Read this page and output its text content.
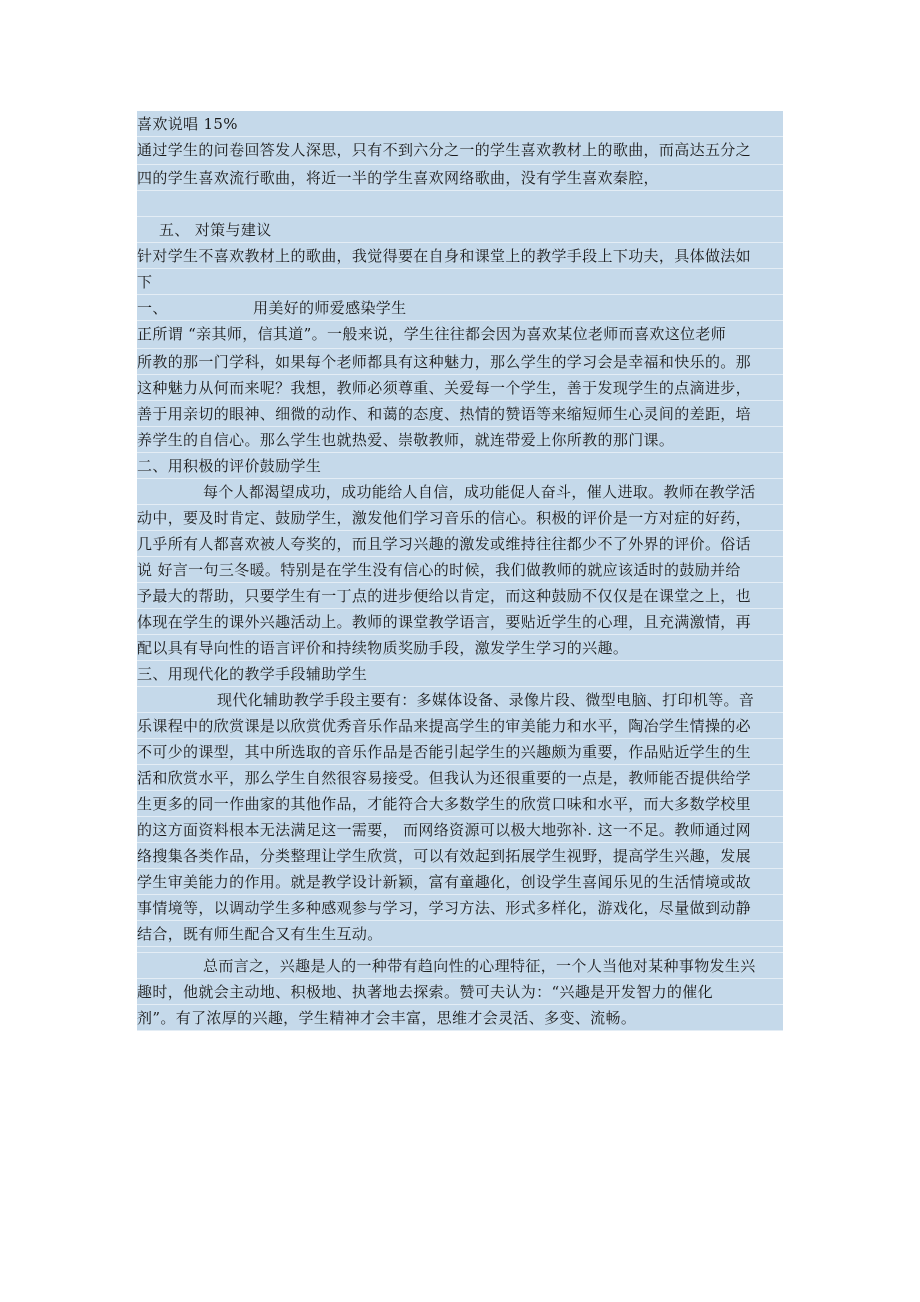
喜欢说唱 15%
通过学生的问卷回答发人深思，只有不到六分之一的学生喜欢教材上的歌曲，而高达五分之
四的学生喜欢流行歌曲，将近一半的学生喜欢网络歌曲，没有学生喜欢秦腔，
五、 对策与建议
针对学生不喜欢教材上的歌曲，我觉得要在自身和课堂上的教学手段上下功夫，具体做法如
下
一、	用美好的师爱感染学生
正所谓 “亲其师，信其道”。一般来说，学生往往都会因为喜欢某位老师而喜欢这位老师
所教的那一门学科，如果每个老师都具有这种魅力，那么学生的学习会是幸福和快乐的。那
这种魅力从何而来呢？我想，教师必须尊重、关爱每一个学生，善于发现学生的点滴进步，
善于用亲切的眼神、细微的动作、和蔼的态度、热情的赞语等来缩短师生心灵间的差距，培
养学生的自信心。那么学生也就热爱、崇敬教师，就连带爱上你所教的那门课。
二、用积极的评价鼓励学生
每个人都渴望成功，成功能给人自信，成功能促人奋斗，催人进取。教师在教学活
动中，要及时肯定、鼓励学生，激发他们学习音乐的信心。积极的评价是一方对症的好药，
几乎所有人都喜欢被人夸奖的，而且学习兴趣的激发或维持往往都少不了外界的评价。俗话
说 好言一句三冬暖。特别是在学生没有信心的时候，我们做教师的就应该适时的鼓励并给
予最大的帮助，只要学生有一丁点的进步便给以肯定，而这种鼓励不仅仅是在课堂之上，也
体现在学生的课外兴趣活动上。教师的课堂教学语言，要贴近学生的心理，且充满激情，再
配以具有导向性的语言评价和持续物质奖励手段，激发学生学习的兴趣。
三、用现代化的教学手段辅助学生
现代化辅助教学手段主要有：多媒体设备、录像片段、微型电脑、打印机等。音
乐课程中的欣赏课是以欣赏优秀音乐作品来提高学生的审美能力和水平，陶冶学生情操的必
不可少的课型，其中所选取的音乐作品是否能引起学生的兴趣颇为重要，作品贴近学生的生
活和欣赏水平，那么学生自然很容易接受。但我认为还很重要的一点是，教师能否提供给学
生更多的同一作曲家的其他作品，才能符合大多数学生的欣赏口味和水平，而大多数学校里
的这方面资料根本无法满足这一需要， 而网络资源可以极大地弥补. 这一不足。教师通过网
络搜集各类作品，分类整理让学生欣赏，可以有效起到拓展学生视野，提高学生兴趣，发展
学生审美能力的作用。就是教学设计新颖，富有童趣化，创设学生喜闻乐见的生活情境或故
事情境等，以调动学生多种感观参与学习，学习方法、形式多样化，游戏化，尽量做到动静
结合，既有师生配合又有生生互动。
总而言之，兴趣是人的一种带有趋向性的心理特征，一个人当他对某种事物发生兴
趣时，他就会主动地、积极地、执著地去探索。赞可夫认为：“兴趣是开发智力的催化
剂”。有了浓厚的兴趣，学生精神才会丰富，思维才会灵活、多变、流畅。
